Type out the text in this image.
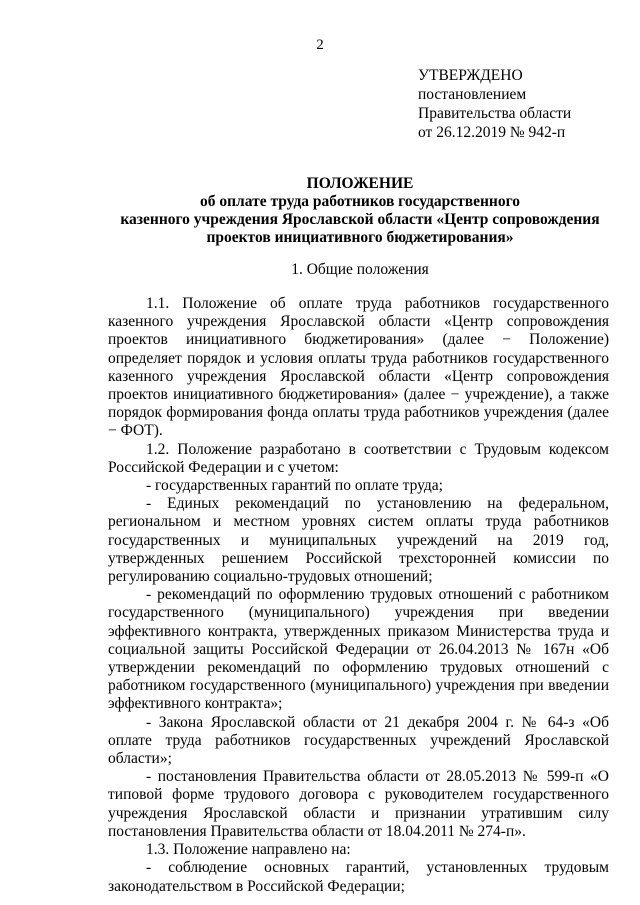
2
УТВЕРЖДЕНО
постановлением
Правительства области
от 26.12.2019 № 942-п
ПОЛОЖЕНИЕ
об оплате труда работников государственного
казенного учреждения Ярославской области «Центр сопровождения
проектов инициативного бюджетирования»
1. Общие положения

1.1. Положение об оплате труда работников государственного казенного учреждения Ярославской области «Центр сопровождения проектов инициативного бюджетирования» (далее − Положение) определяет порядок и условия оплаты труда работников государственного казенного учреждения Ярославской области «Центр сопровождения проектов инициативного бюджетирования» (далее − учреждение), а также порядок формирования фонда оплаты труда работников учреждения (далее − ФОТ).

1.2. Положение разработано в соответствии с Трудовым кодексом Российской Федерации и с учетом:

- государственных гарантий по оплате труда;

- Единых рекомендаций по установлению на федеральном, региональном и местном уровнях систем оплаты труда работников государственных и муниципальных учреждений на 2019 год, утвержденных решением Российской трехсторонней комиссии по регулированию социально-трудовых отношений;

- рекомендаций по оформлению трудовых отношений с работником государственного (муниципального) учреждения при введении эффективного контракта, утвержденных приказом Министерства труда и социальной защиты Российской Федерации от 26.04.2013 № 167н «Об утверждении рекомендаций по оформлению трудовых отношений с работником государственного (муниципального) учреждения при введении эффективного контракта»;

- Закона Ярославской области от 21 декабря 2004 г. № 64-з «Об оплате труда работников государственных учреждений Ярославской области»;

- постановления Правительства области от 28.05.2013 № 599-п «О типовой форме трудового договора с руководителем государственного учреждения Ярославской области и признании утратившим силу постановления Правительства области от 18.04.2011 № 274-п».

1.3. Положение направлено на:

- соблюдение основных гарантий, установленных трудовым законодательством в Российской Федерации;
